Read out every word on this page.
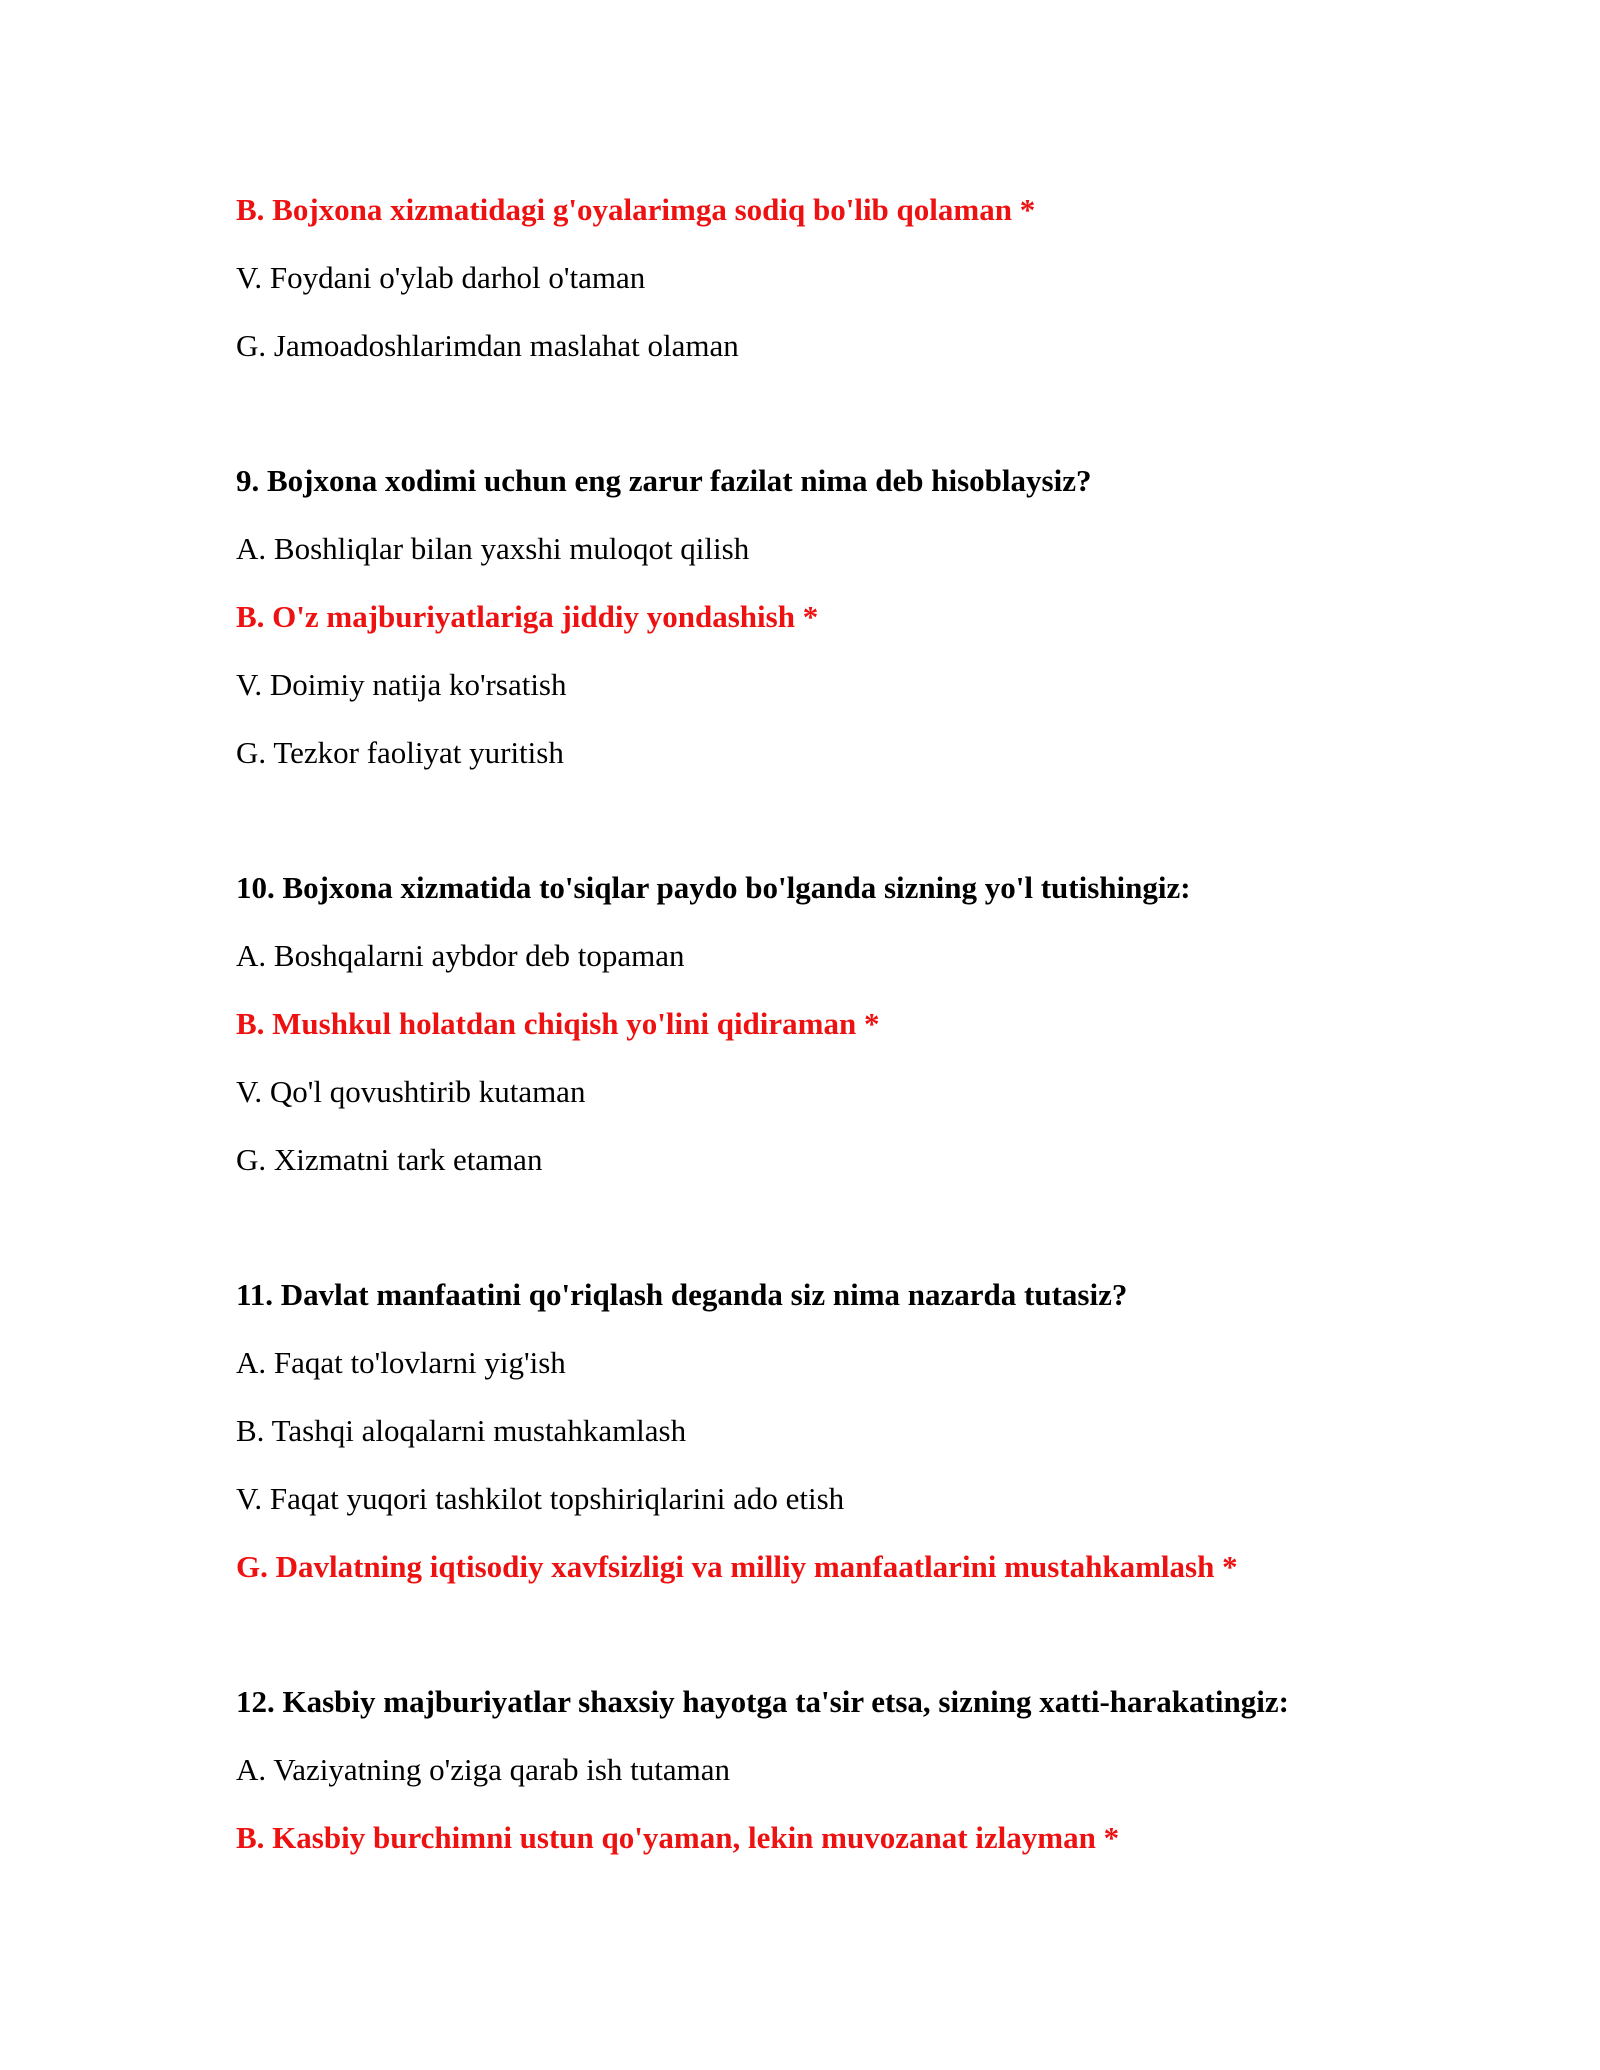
B. Bojxona xizmatidagi g'oyalarimga sodiq bo'lib qolaman *
V. Foydani o'ylab darhol o'taman
G. Jamoadoshlarimdan maslahat olaman
9. Bojxona xodimi uchun eng zarur fazilat nima deb hisoblaysiz?
A. Boshliqlar bilan yaxshi muloqot qilish
B. O'z majburiyatlariga jiddiy yondashish *
V. Doimiy natija ko'rsatish
G. Tezkor faoliyat yuritish
10. Bojxona xizmatida to'siqlar paydo bo'lganda sizning yo'l tutishingiz:
A. Boshqalarni aybdor deb topaman
B. Mushkul holatdan chiqish yo'lini qidiraman *
V. Qo'l qovushtirib kutaman
G. Xizmatni tark etaman
11. Davlat manfaatini qo'riqlash deganda siz nima nazarda tutasiz?
A. Faqat to'lovlarni yig'ish
B. Tashqi aloqalarni mustahkamlash
V. Faqat yuqori tashkilot topshiriqlarini ado etish
G. Davlatning iqtisodiy xavfsizligi va milliy manfaatlarini mustahkamlash *
12. Kasbiy majburiyatlar shaxsiy hayotga ta'sir etsa, sizning xatti-harakatingiz:
A. Vaziyatning o'ziga qarab ish tutaman
B. Kasbiy burchimni ustun qo'yaman, lekin muvozanat izlayman *
